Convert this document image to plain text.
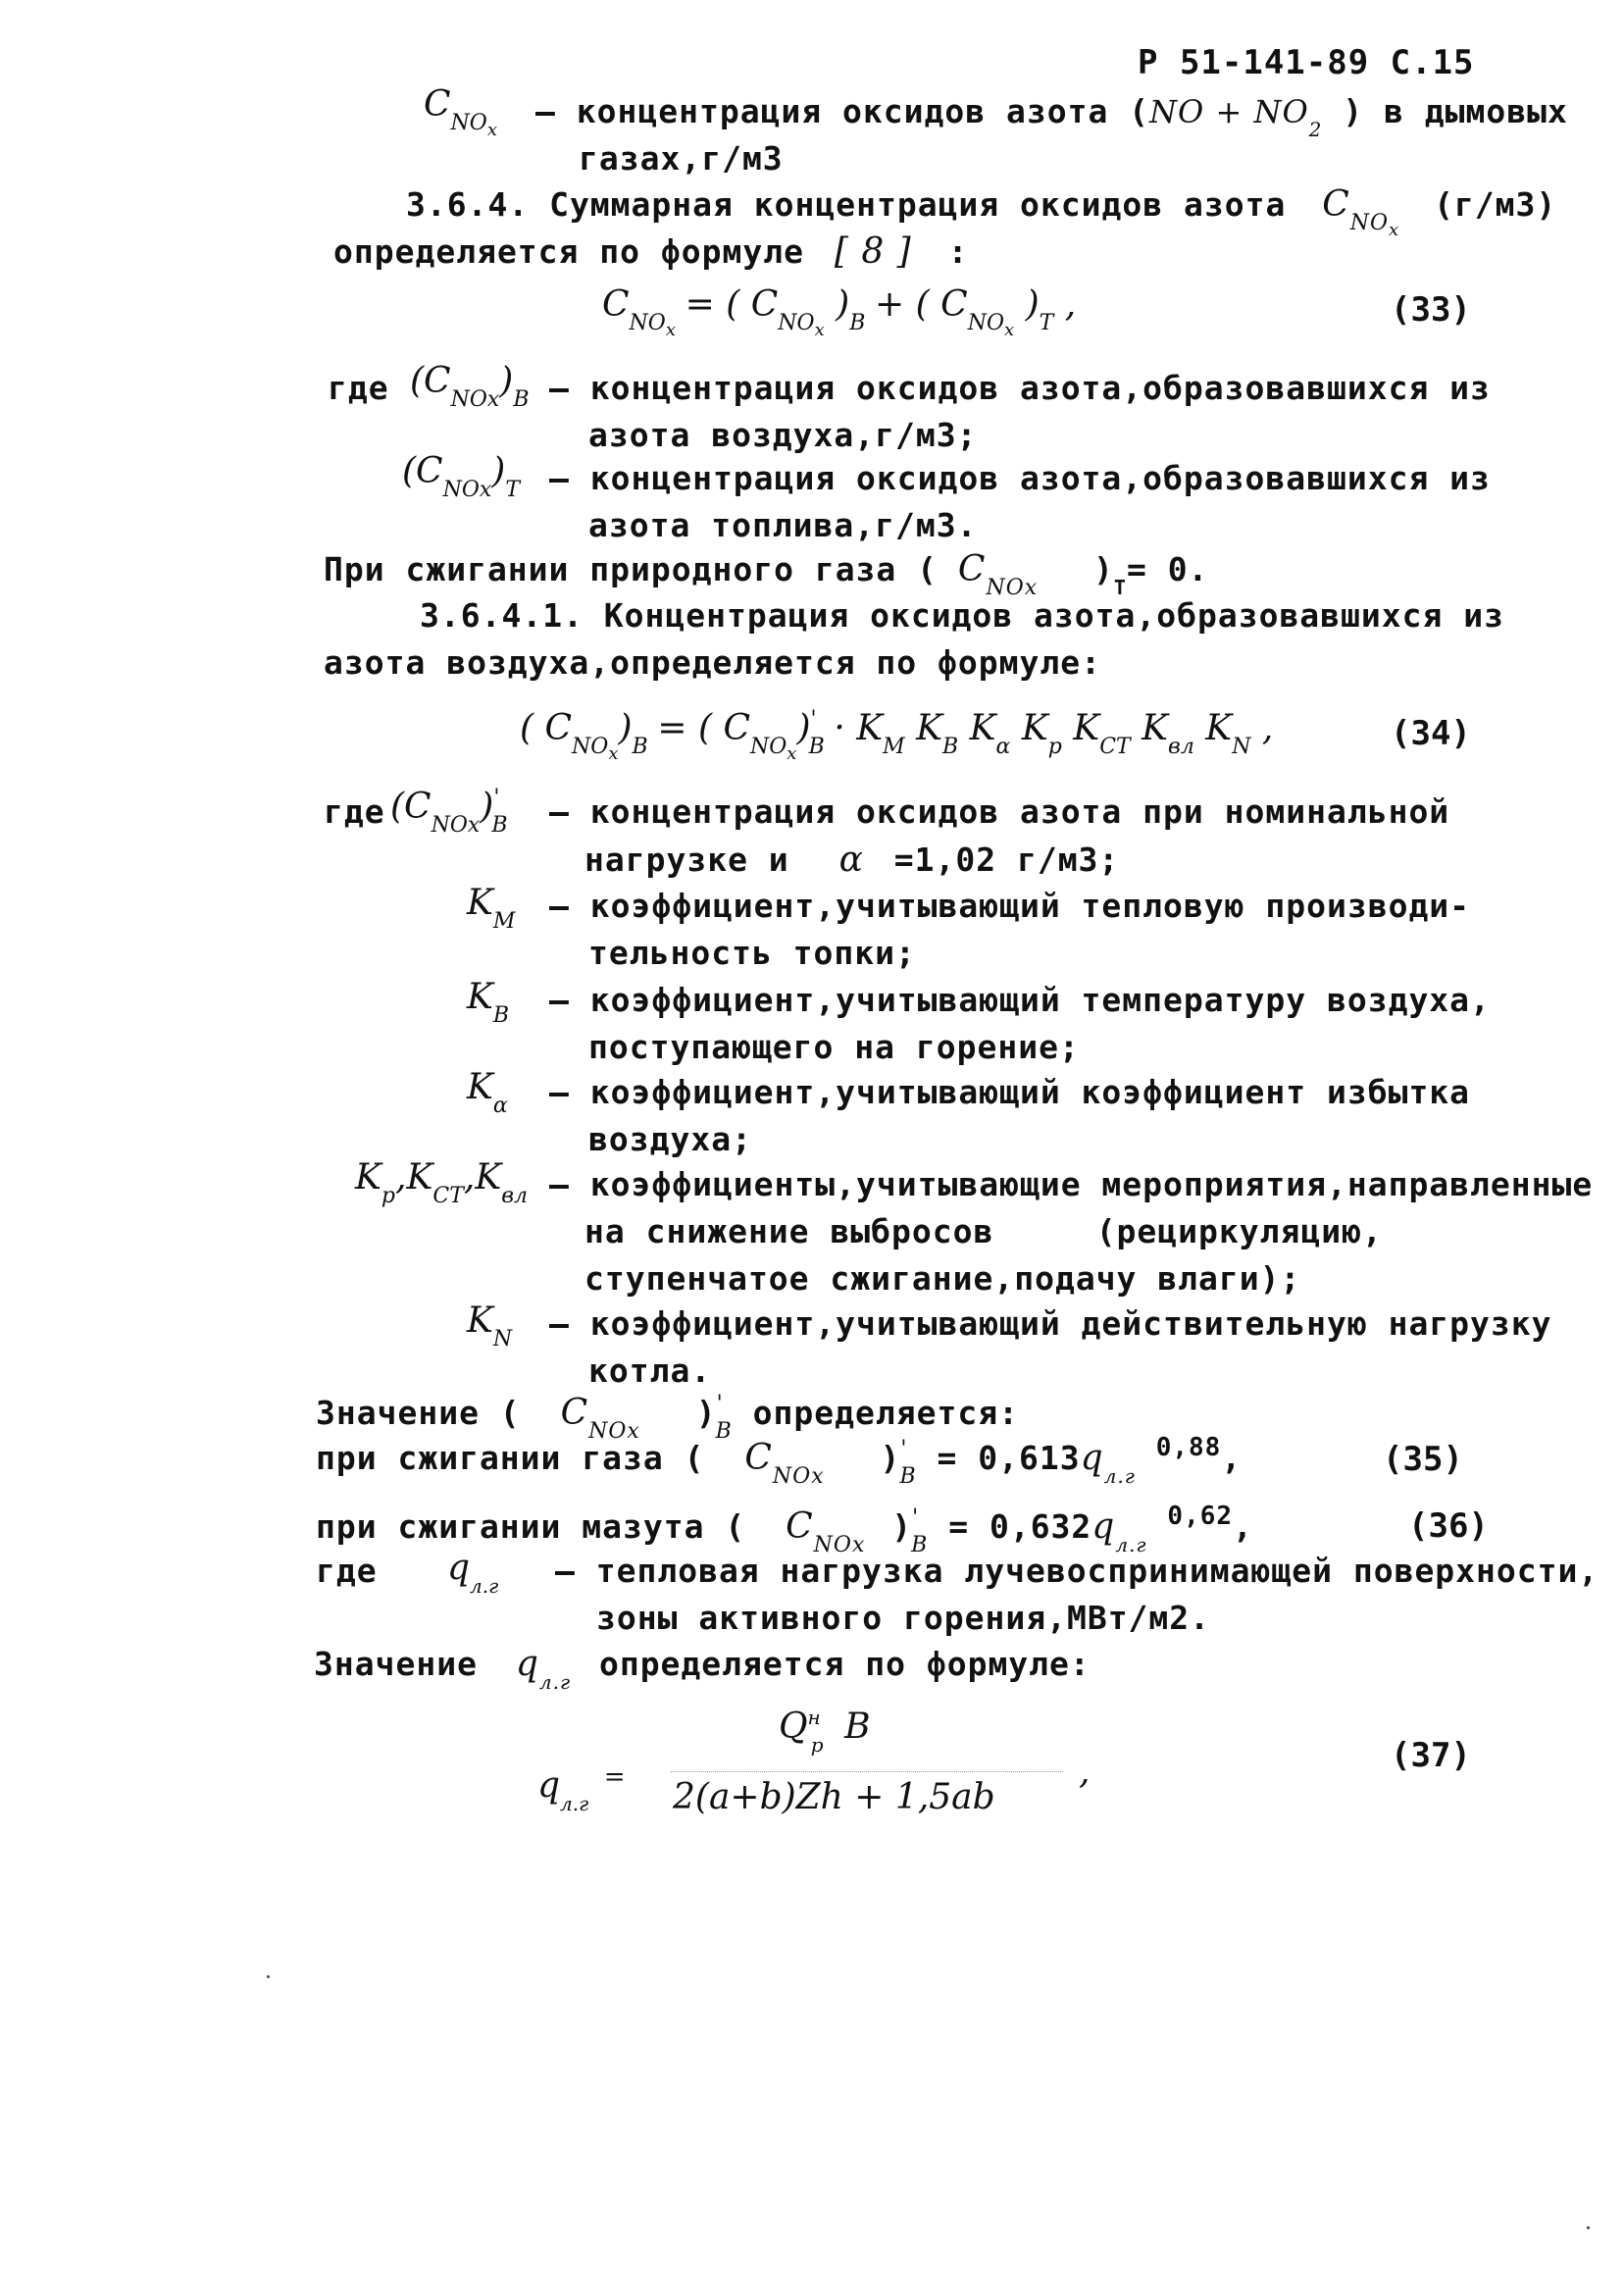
Р 51-141-89 С.15
CNOx – концентрация оксидов азота ($NO + NO_2$ ) в дымовых
газах,г/м3
3.6.4. Суммарная концентрация оксидов азота $C_{NOx}$ (г/м3)
определяется по формуле [ 8 ] :
CNOx = ( CNOx )B + ( CNOx )T ,	(33)
где (CNOx)B – концентрация оксидов азота,образовавшихся из
азота воздуха,г/м3;
(CNOx)T – концентрация оксидов азота,образовавшихся из
азота топлива,г/м3.
При сжигании природного газа ( $C_{NOx}$ )$_T= 0$.
3.6.4.1. Концентрация оксидов азота,образовавшихся из
азота воздуха,определяется по формуле:
( CNOx)B = ( CNOx)'B · KM KB Kα Kp KCT Kвл KN ,	(34)
где (CNOx)'B – концентрация оксидов азота при номинальной
нагрузке и α =1,02 г/м3;
KM – коэффициент,учитывающий тепловую производи-
тельность топки;
KB – коэффициент,учитывающий температуру воздуха,
поступающего на горение;
Kα – коэффициент,учитывающий коэффициент избытка
воздуха;
Kp,KCT,Kвл – коэффициенты,учитывающие мероприятия,направленные
на снижение выбросов     (рециркуляцию,
ступенчатое сжигание,подачу влаги);
KN – коэффициент,учитывающий действительную нагрузку
котла.
Значение ( $C_{NOx}$ )$'_B$ определяется:
при сжигании газа ( $C_{NOx}$ )$'_B = 0,613q_{л.г}$ $^{0,88}$,	(35)
при сжигании мазута ( $C_{NOx}$ )$'_B = 0,632q_{л.г}$ $^{0,62}$,	(36)
где qл.г – тепловая нагрузка лучевоспринимающей поверхности,
зоны активного горения,МВт/м2.
Значение $q_{л.г}$ определяется по формуле:
Qнр B
qл.г = 2(a+b)Zh + 1,5ab
,	(37)
